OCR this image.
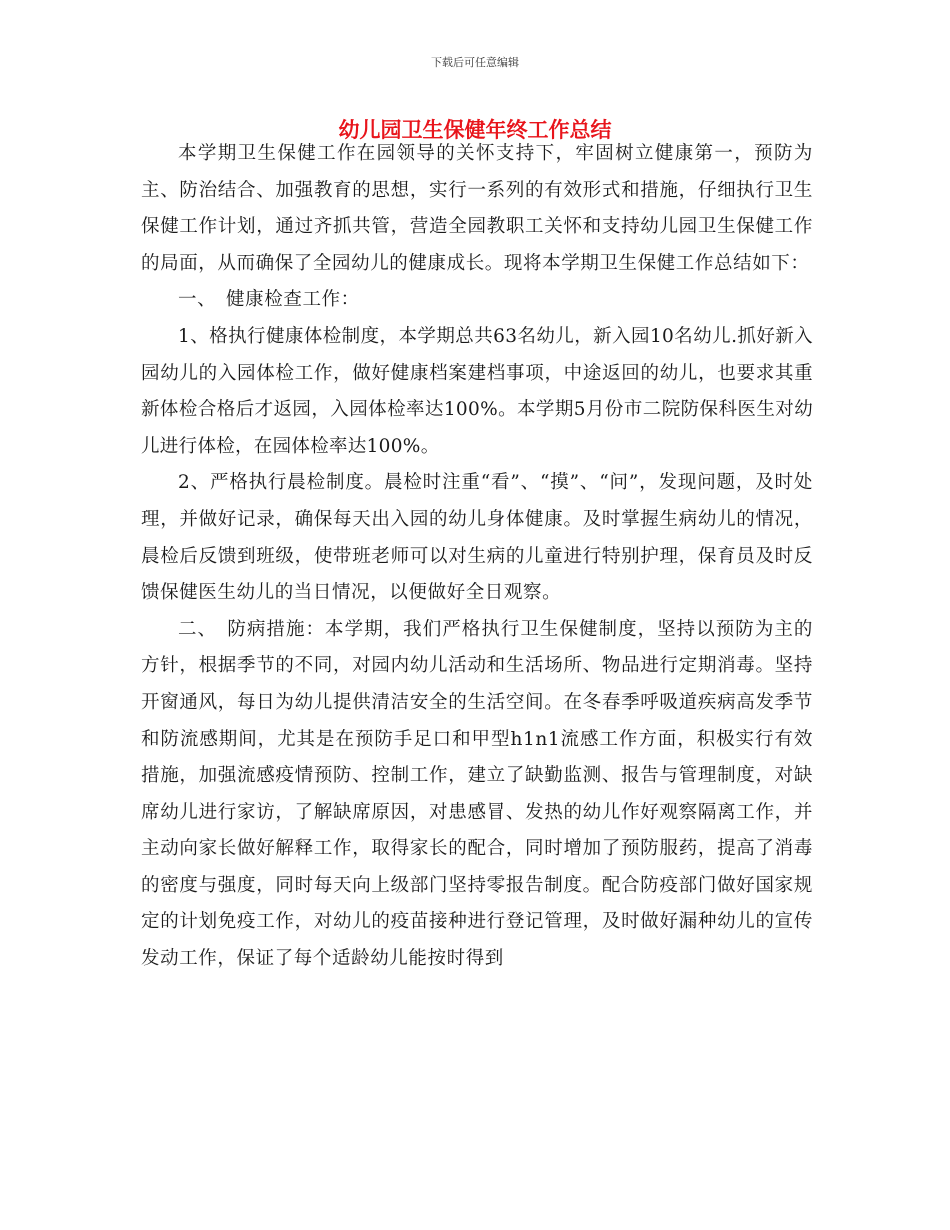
下载后可任意编辑
幼儿园卫生保健年终工作总结

本学期卫生保健工作在园领导的关怀支持下，牢固树立健康第一，预防为主、防治结合、加强教育的思想，实行一系列的有效形式和措施，仔细执行卫生保健工作计划，通过齐抓共管，营造全园教职工关怀和支持幼儿园卫生保健工作的局面，从而确保了全园幼儿的健康成长。现将本学期卫生保健工作总结如下：

一、　健康检查工作：

1、格执行健康体检制度，本学期总共63名幼儿，新入园10名幼儿.抓好新入园幼儿的入园体检工作，做好健康档案建档事项，中途返回的幼儿，也要求其重新体检合格后才返园，入园体检率达100%。本学期5月份市二院防保科医生对幼儿进行体检，在园体检率达100%。

2、严格执行晨检制度。晨检时注重“看”、“摸”、“问”，发现问题，及时处理，并做好记录，确保每天出入园的幼儿身体健康。及时掌握生病幼儿的情况，晨检后反馈到班级，使带班老师可以对生病的儿童进行特别护理，保育员及时反馈保健医生幼儿的当日情况，以便做好全日观察。

二、　防病措施：本学期，我们严格执行卫生保健制度，坚持以预防为主的方针，根据季节的不同，对园内幼儿活动和生活场所、物品进行定期消毒。坚持开窗通风，每日为幼儿提供清洁安全的生活空间。在冬春季呼吸道疾病高发季节和防流感期间，尤其是在预防手足口和甲型h1n1流感工作方面，积极实行有效措施，加强流感疫情预防、控制工作，建立了缺勤监测、报告与管理制度，对缺席幼儿进行家访，了解缺席原因，对患感冒、发热的幼儿作好观察隔离工作，并主动向家长做好解释工作，取得家长的配合，同时增加了预防服药，提高了消毒的密度与强度，同时每天向上级部门坚持零报告制度。配合防疫部门做好国家规定的计划免疫工作，对幼儿的疫苗接种进行登记管理，及时做好漏种幼儿的宣传发动工作，保证了每个适龄幼儿能按时得到
